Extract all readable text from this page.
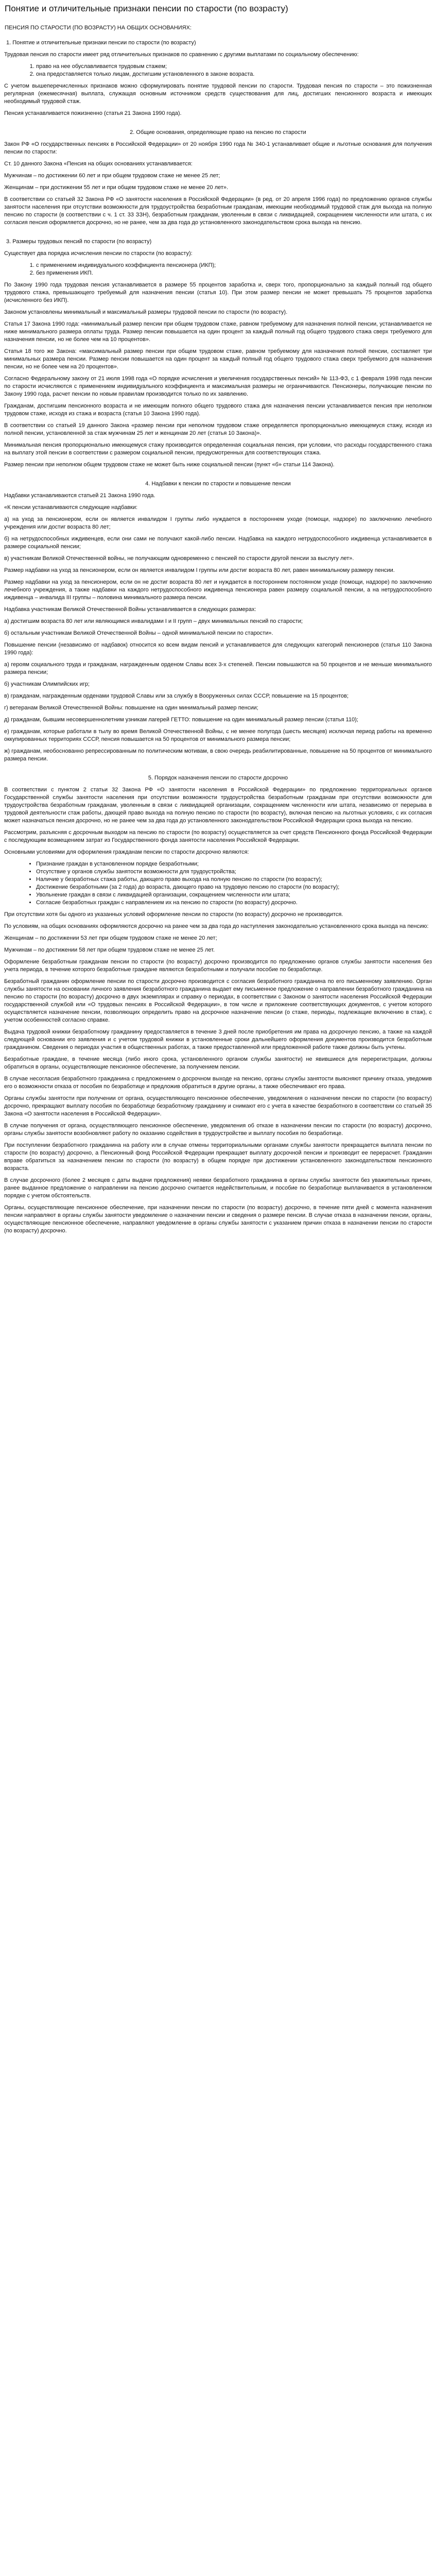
Понятие и отличительные признаки пенсии по старости (по возрасту)
ПЕНСИЯ ПО СТАРОСТИ (ПО ВОЗРАСТУ) НА ОБЩИХ ОСНОВАНИЯХ:
1. Понятие и отличительные признаки пенсии по старости (по возрасту)

Трудовая пенсия по старости имеет ряд отличительных признаков по сравнению с другими выплатами по социальному обеспечению:

1. право на нее обуславливается трудовым стажем;
2. она предоставляется только лицам, достигшим установленного в законе возраста.

С учетом вышеперечисленных признаков можно сформулировать понятие трудовой пенсии по старости. Трудовая пенсия по старости – это пожизненная регулярная (ежемесячная) выплата, служащая основным источником средств существования для лиц, достигших пенсионного возраста и имеющих необходимый трудовой стаж.

Пенсия устанавливается пожизненно (статья 21 Закона 1990 года).

2. Общие основания, определяющие право на пенсию по старости

Закон РФ «О государственных пенсиях в Российской Федерации» от 20 ноября 1990 года № 340-1 устанавливает общие и льготные основания для получения пенсии по старости:

Ст. 10 данного Закона «Пенсия на общих основаниях устанавливается:

Мужчинам – по достижении 60 лет и при общем трудовом стаже не менее 25 лет;

Женщинам – при достижении 55 лет и при общем трудовом стаже не менее 20 лет».

В соответствии со статьей 32 Закона РФ «О занятости населения в Российской Федерации» (в ред. от 20 апреля 1996 года) по предложению органов службы занятости населения при отсутствии возможности для трудоустройства безработным гражданам, имеющим необходимый трудовой стаж для выхода на полную пенсию по старости (в соответствии с ч. 1 ст. 33 ЗЗН), безработным гражданам, уволенным в связи с ликвидацией, сокращением численности или штата, с их согласия пенсия оформляется досрочно, но не ранее, чем за два года до установленного законодательством срока выхода на пенсию.

3. Размеры трудовых пенсий по старости (по возрасту)

Существует два порядка исчисления пенсии по старости (по возрасту):

1. с применением индивидуального коэффициента пенсионера (ИКП);
2. без применения ИКП.

По Закону 1990 года трудовая пенсия устанавливается в размере 55 процентов заработка и, сверх того, пропорционально за каждый полный год общего трудового стажа, превышающего требуемый для назначения пенсии (статья 10). При этом размер пенсии не может превышать 75 процентов заработка (исчисленного без ИКП).

Законом установлены минимальный и максимальный размеры трудовой пенсии по старости (по возрасту).

Статья 17 Закона 1990 года: «минимальный размер пенсии при общем трудовом стаже, равном требуемому для назначения полной пенсии, устанавливается не ниже минимального размера оплаты труда. Размер пенсии повышается на один процент за каждый полный год общего трудового стажа сверх требуемого для назначения пенсии, но не более чем на 10 процентов».

Статья 18 того же Закона: «максимальный размер пенсии при общем трудовом стаже, равном требуемому для назначения полной пенсии, составляет три минимальных размера пенсии. Размер пенсии повышается на один процент за каждый полный год общего трудового стажа сверх требуемого для назначения пенсии, но не более чем на 20 процентов».

Согласно Федеральному закону от 21 июля 1998 года «О порядке исчисления и увеличения государственных пенсий» № 113-ФЗ, с 1 февраля 1998 года пенсии по старости исчисляются с применением индивидуального коэффициента и максимальная размеры не ограничиваются. Пенсионеры, получающие пенсии по Закону 1990 года, расчет пенсии по новым правилам производится только по их заявлению.

Гражданам, достигшим пенсионного возраста и не имеющим полного общего трудового стажа для назначения пенсии устанавливается пенсия при неполном трудовом стаже, исходя из стажа и возраста (статья 10 Закона 1990 года).

В соответствии со статьей 19 данного Закона «размер пенсии при неполном трудовом стаже определяется пропорционально имеющемуся стажу, исходя из полной пенсии, установленной за стаж мужчинам 25 лет и женщинам 20 лет (статья 10 Закона)».

Минимальная пенсия пропорционально имеющемуся стажу производится определенная социальная пенсия, при условии, что расходы государственного стажа на выплату этой пенсии в соответствии с размером социальной пенсии, предусмотренных для соответствующих стажа.

Размер пенсии при неполном общем трудовом стаже не может быть ниже социальной пенсии (пункт «б» статьи 114 Закона).

4. Надбавки к пенсии по старости и повышение пенсии

Надбавки устанавливаются статьей 21 Закона 1990 года.

«К пенсии устанавливаются следующие надбавки:

а) на уход за пенсионером, если он является инвалидом I группы либо нуждается в постороннем уходе (помощи, надзоре) по заключению лечебного учреждения или достиг возраста 80 лет;

б) на нетрудоспособных иждивенцев, если они сами не получают какой-либо пенсии. Надбавка на каждого нетрудоспособного иждивенца устанавливается в размере социальной пенсии;

в) участникам Великой Отечественной войны, не получающим одновременно с пенсией по старости другой пенсии за выслугу лет».

Размер надбавки на уход за пенсионером, если он является инвалидом I группы или достиг возраста 80 лет, равен минимальному размеру пенсии.

Размер надбавки на уход за пенсионером, если он не достиг возраста 80 лет и нуждается в постороннем постоянном уходе (помощи, надзоре) по заключению лечебного учреждения, а также надбавки на каждого нетрудоспособного иждивенца пенсионера равен размеру социальной пенсии, а на нетрудоспособного иждивенца – инвалида III группы – половина минимального размера пенсии.

Надбавка участникам Великой Отечественной Войны устанавливается в следующих размерах:

а) достигшим возраста 80 лет или являющимся инвалидами I и II групп – двух минимальных пенсий по старости;

б) остальным участникам Великой Отечественной Войны – одной минимальной пенсии по старости».

Повышение пенсии (независимо от надбавок) относится ко всем видам пенсий и устанавливается для следующих категорий пенсионеров (статья 110 Закона 1990 года):

а) героям социального труда и гражданам, награжденным орденом Славы всех 3-х степеней. Пенсии повышаются на 50 процентов и не меньше минимального размера пенсии;

б) участникам Олимпийских игр;

в) гражданам, награжденным орденами трудовой Славы или за службу в Вооруженных силах СССР, повышение на 15 процентов;

г) ветеранам Великой Отечественной Войны: повышение на один минимальный размер пенсии;

д) гражданам, бывшим несовершеннолетним узникам лагерей ГЕТТО: повышение на один минимальный размер пенсии (статья 110);

е) гражданам, которые работали в тылу во время Великой Отечественной Войны, с не менее полугода (шесть месяцев) исключая период работы на временно оккупированных территориях СССР, пенсия повышается на 50 процентов от минимального размера пенсии;

ж) гражданам, необоснованно репрессированным по политическим мотивам, в свою очередь реабилитированные, повышение на 50 процентов от минимального размера пенсии.

5. Порядок назначения пенсии по старости досрочно

В соответствии с пунктом 2 статьи 32 Закона РФ «О занятости населения в Российской Федерации» по предложению территориальных органов Государственной службы занятости населения при отсутствии возможности трудоустройства безработным гражданам при отсутствии возможности для трудоустройства безработным гражданам, уволенным в связи с ликвидацией организации, сокращением численности или штата, независимо от перерыва в трудовой деятельности стаж работы, дающей право выхода на полную пенсию по старости (по возрасту), включая пенсию на льготных условиях, с их согласия может назначаться пенсия досрочно, но не ранее чем за два года до установленного законодательством Российской Федерации срока выхода на пенсию.

Рассмотрим, разъясняя с досрочным выходом на пенсию по старости (по возрасту) осуществляется за счет средств Пенсионного фонда Российской Федерации с последующим возмещением затрат из Государственного фонда занятости населения Российской Федерации.

Основными условиями для оформления гражданам пенсии по старости досрочно являются:

• Признание граждан в установленном порядке безработными;
• Отсутствие у органов службы занятости возможности для трудоустройства;
• Наличие у безработных стажа работы, дающего право выхода на полную пенсию по старости (по возрасту);
• Достижение безработными (за 2 года) до возраста, дающего право на трудовую пенсию по старости (по возрасту);
• Увольнение граждан в связи с ликвидацией организации, сокращением численности или штата;
• Согласие безработных граждан с направлением их на пенсию по старости (по возрасту) досрочно.

При отсутствии хотя бы одного из указанных условий оформление пенсии по старости (по возрасту) досрочно не производится.

По условиям, на общих основаниях оформляются досрочно на ранее чем за два года до наступления законодательно установленного срока выхода на пенсию:

Женщинам – по достижении 53 лет при общем трудовом стаже не менее 20 лет;

Мужчинам – по достижении 58 лет при общем трудовом стаже не менее 25 лет.

Оформление безработным гражданам пенсии по старости (по возрасту) досрочно производится по предложению органов службы занятости населения без учета периода, в течение которого безработные граждане являются безработными и получали пособие по безработице.

Безработный гражданин оформление пенсии по старости досрочно производится с согласия безработного гражданина по его письменному заявлению. Орган службы занятости на основании личного заявления безработного гражданина выдает ему письменное предложение о направлении безработного гражданина на пенсию по старости (по возрасту) досрочно в двух экземплярах и справку о периодах, в соответствии с Законом о занятости населения Российской Федерации государственной службой или «О трудовых пенсиях в Российской Федерации», в том числе и приложение соответствующих документов, с учетом которого осуществляется назначение пенсии, позволяющих определить право на досрочное назначение пенсии (о стаже, периоды, подлежащие включению в стаж), с учетом особенностей согласно справке.

Выдача трудовой книжки безработному гражданину предоставляется в течение 3 дней после приобретения им права на досрочную пенсию, а также на каждой следующей основании его заявления и с учетом трудовой книжки в установленные сроки дальнейшего оформления документов производится безработным гражданином. Сведения о периодах участия в общественных работах, а также предоставленной или предложенной работе также должны быть учтены.

Безработные граждане, в течение месяца (либо иного срока, установленного органом службы занятости) не явившиеся для перерегистрации, должны обратиться в органы, осуществляющие пенсионное обеспечение, за получением пенсии.

В случае несогласия безработного гражданина с предложением о досрочном выходе на пенсию, органы службы занятости выясняют причину отказа, уведомив его о возможности отказа от пособия по безработице и предложив обратиться в другие органы, а также обеспечивают его права.

Органы службы занятости при получении от органа, осуществляющего пенсионное обеспечение, уведомления о назначении пенсии по старости (по возрасту) досрочно, прекращают выплату пособия по безработице безработному гражданину и снимают его с учета в качестве безработного в соответствии со статьей 35 Закона «О занятости населения в Российской Федерации».

В случае получения от органа, осуществляющего пенсионное обеспечение, уведомления об отказе в назначении пенсии по старости (по возрасту) досрочно, органы службы занятости возобновляют работу по оказанию содействия в трудоустройстве и выплату пособия по безработице.

При поступлении безработного гражданина на работу или в случае отмены территориальными органами службы занятости прекращается выплата пенсии по старости (по возрасту) досрочно, а Пенсионный фонд Российской Федерации прекращает выплату досрочной пенсии и производит ее перерасчет. Гражданин вправе обратиться за назначением пенсии по старости (по возрасту) в общем порядке при достижении установленного законодательством пенсионного возраста.

В случае досрочного (более 2 месяцев с даты выдачи предложения) неявки безработного гражданина в органы службы занятости без уважительных причин, ранее выданное предложение о направлении на пенсию досрочно считается недействительным, и пособие по безработице выплачивается в установленном порядке с учетом обстоятельств.

Органы, осуществляющие пенсионное обеспечение, при назначении пенсии по старости (по возрасту) досрочно, в течение пяти дней с момента назначения пенсии направляют в органы службы занятости уведомление о назначении пенсии и сведения о размере пенсии. В случае отказа в назначении пенсии, органы, осуществляющие пенсионное обеспечение, направляют уведомление в органы службы занятости с указанием причин отказа в назначении пенсии по старости (по возрасту) досрочно.
